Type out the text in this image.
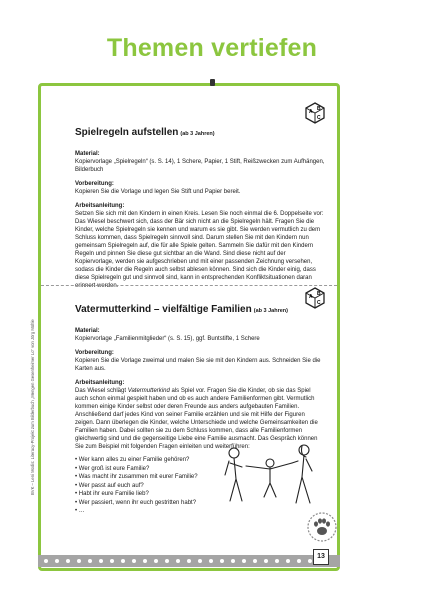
Themen vertiefen
BVK – Leni Modis: Literacy-Projekt zum Bilderbuch „Mengen Gesenheimer Lo“ von Jörg Mühle
A B
C

Spielregeln aufstellen (ab 3 Jahren)

Material:

Kopiervorlage „Spielregeln“ (s. S. 14), 1 Schere, Papier, 1 Stift, Reißzwecken zum Aufhängen, Bilderbuch

Vorbereitung:

Kopieren Sie die Vorlage und legen Sie Stift und Papier bereit.

Arbeitsanleitung:

Setzen Sie sich mit den Kindern in einen Kreis. Lesen Sie noch einmal die 6. Doppelseite vor: Das Wiesel beschwert sich, dass der Bär sich nicht an die Spielregeln hält. Fragen Sie die Kinder, welche Spielregeln sie kennen und warum es sie gibt. Sie werden vermutlich zu dem Schluss kommen, dass Spielregeln sinnvoll sind. Darum stellen Sie mit den Kindern nun gemeinsam Spielregeln auf, die für alle Spiele gelten. Sammeln Sie dafür mit den Kindern Regeln und pinnen Sie diese gut sichtbar an die Wand. Sind diese nicht auf der Kopiervorlage, werden sie aufgeschrieben und mit einer passenden Zeichnung versehen, sodass die Kinder die Regeln auch selbst ablesen können. Sind sich die Kinder einig, dass diese Spielregeln gut und sinnvoll sind, kann in entsprechenden Konfliktsituationen daran erinnert werden.

A B
C

Vatermutterkind – vielfältige Familien (ab 3 Jahren)

Material:

Kopiervorlage „Familienmitglieder“ (s. S. 15), ggf. Buntstifte, 1 Schere

Vorbereitung:

Kopieren Sie die Vorlage zweimal und malen Sie sie mit den Kindern aus. Schneiden Sie die Karten aus.

Arbeitsanleitung:

Das Wiesel schlägt Vatermutterkind als Spiel vor. Fragen Sie die Kinder, ob sie das Spiel auch schon einmal gespielt haben und ob es auch andere Familienformen gibt. Vermutlich kommen einige Kinder selbst oder deren Freunde aus anders aufgebauten Familien.

Anschließend darf jedes Kind von seiner Familie erzählen und sie mit Hilfe der Figuren zeigen. Dann überlegen die Kinder, welche Unterschiede und welche Gemeinsamkeiten die Familien haben. Dabei sollten sie zu dem Schluss kommen, dass alle Familienformen gleichwertig sind und die gegenseitige Liebe eine Familie ausmacht. Das Gespräch können Sie zum Beispiel mit folgenden Fragen einleiten und weiterführen:

• Wer kann alles zu einer Familie gehören?
• Wer groß ist eure Familie?
• Was macht ihr zusammen mit eurer Familie?
• Wer passt auf euch auf?
• Habt ihr eure Familie lieb?
• Wer passiert, wenn ihr euch gestritten habt?
• …
13
